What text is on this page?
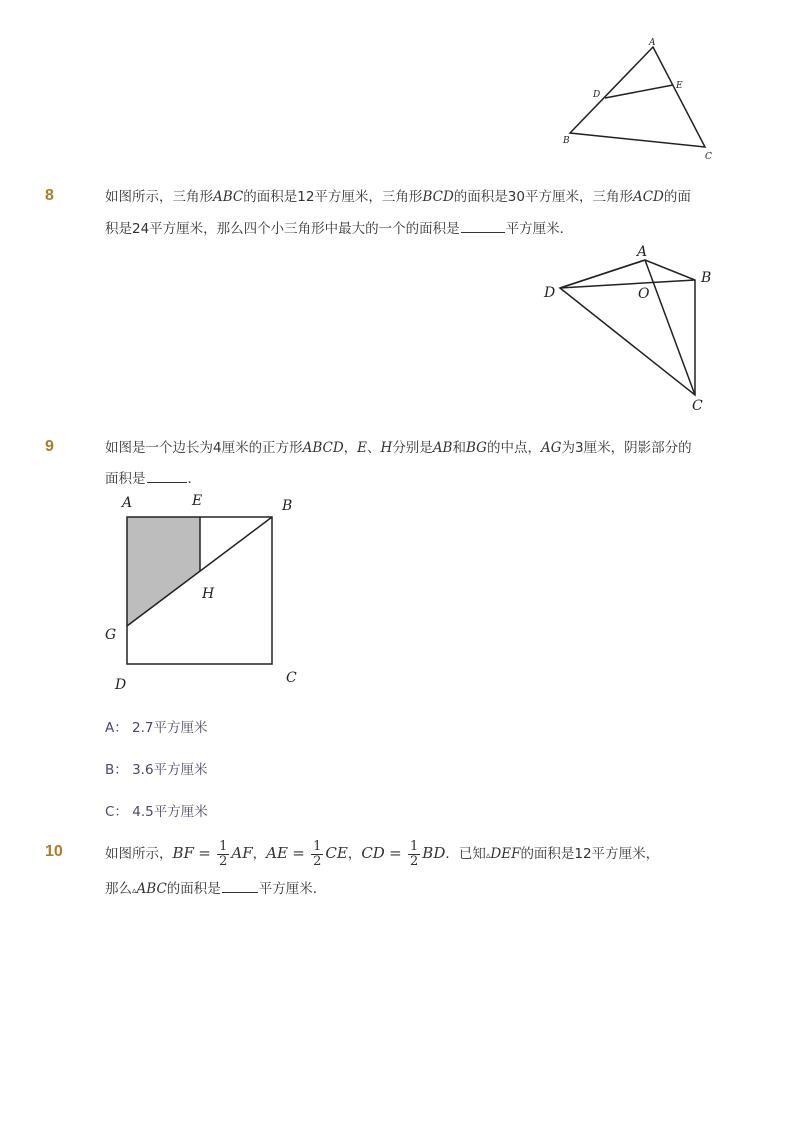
A
E
D
B
C
8	如图所示，三角形ABC的面积是12平方厘米，三角形BCD的面积是30平方厘米，三角形ACD的面
积是24平方厘米，那么四个小三角形中最大的一个的面积是	平方厘米．
A
B
D	O
C
9	如图是一个边长为4厘米的正方形ABCD，E、H分别是AB和BG的中点，AG为3厘米，阴影部分的
面积是	．
A	E	B
H
G
D	C
A： 2.7平方厘米
B： 3.6平方厘米
C： 4.5平方厘米
10	如图所示，BF = $\frac{1}{2}$ AF，AE = $\frac{1}{2}$ CE，CD = $\frac{1}{2}$ BD．已知▵DEF的面积是12平方厘米，
那么▵ABC的面积是	平方厘米．
